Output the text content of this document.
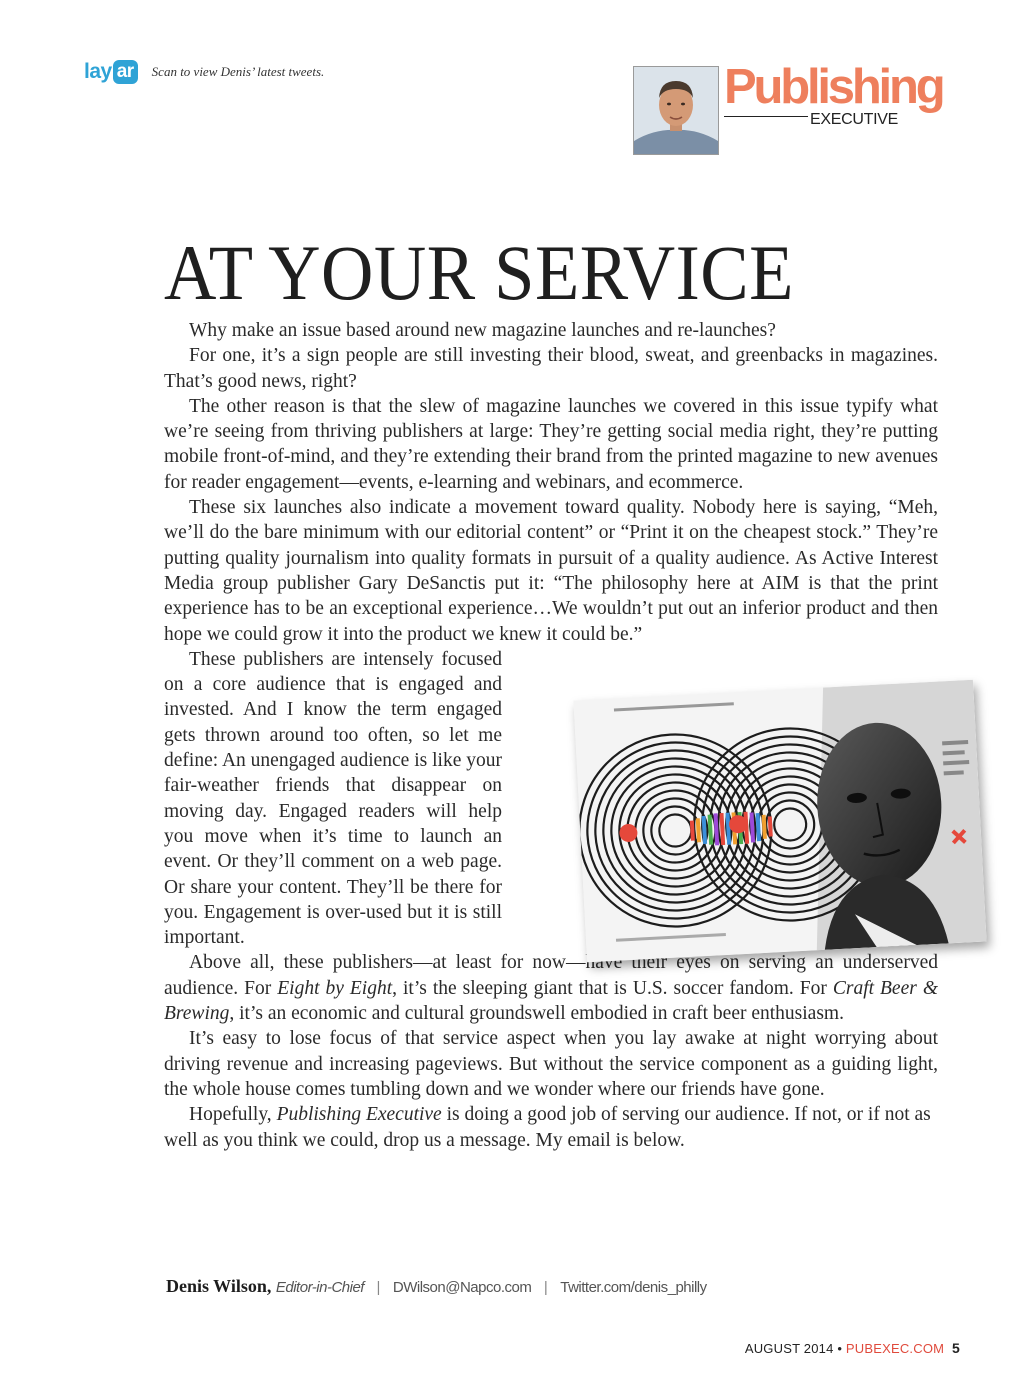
lay ar	Scan to view Denis’ latest tweets.	Publishing
EXECUTIVE
AT YOUR SERVICE

Why make an issue based around new magazine launches and re-launches?

For one, it’s a sign people are still investing their blood, sweat, and greenbacks in magazines. That’s good news, right?

The other reason is that the slew of magazine launches we covered in this issue typify what we’re seeing from thriving publishers at large: They’re getting social media right, they’re putting mobile front-of-mind, and they’re extending their brand from the printed magazine to new avenues for reader engagement—events, e-learning and webinars, and ecommerce.

These six launches also indicate a movement toward quality. Nobody here is saying, “Meh, we’ll do the bare minimum with our editorial content” or “Print it on the cheapest stock.” They’re putting quality journalism into quality formats in pursuit of a quality audience. As Active Interest Media group publisher Gary DeSanctis put it: “The philosophy here at AIM is that the print experience has to be an exceptional experience…We wouldn’t put out an inferior product and then hope we could grow it into the product we knew it could be.”

These publishers are intensely focused on a core audience that is engaged and invested. And I know the term engaged gets thrown around too often, so let me define: An unengaged audience is like your fair-weather friends that disappear on moving day. Engaged readers will help you move when it’s time to launch an event. Or they’ll comment on a web page. Or share your content. They’ll be there for you. Engagement is over-used but it is still important.

Above all, these publishers—at least for now—have their eyes on serving an underserved audience. For Eight by Eight, it’s the sleeping giant that is U.S. soccer fandom. For Craft Beer & Brewing, it’s an economic and cultural groundswell embodied in craft beer enthusiasm.

It’s easy to lose focus of that service aspect when you lay awake at night worrying about driving revenue and increasing pageviews. But without the service component as a guiding light, the whole house comes tumbling down and we wonder where our friends have gone.

Hopefully, Publishing Executive is doing a good job of serving our audience. If not, or if not as well as you think we could, drop us a message. My email is below.

Denis Wilson, Editor-in-Chief | DWilson@Napco.com | Twitter.com/denis_philly
AUGUST 2014 • PUBEXEC.COM 5
